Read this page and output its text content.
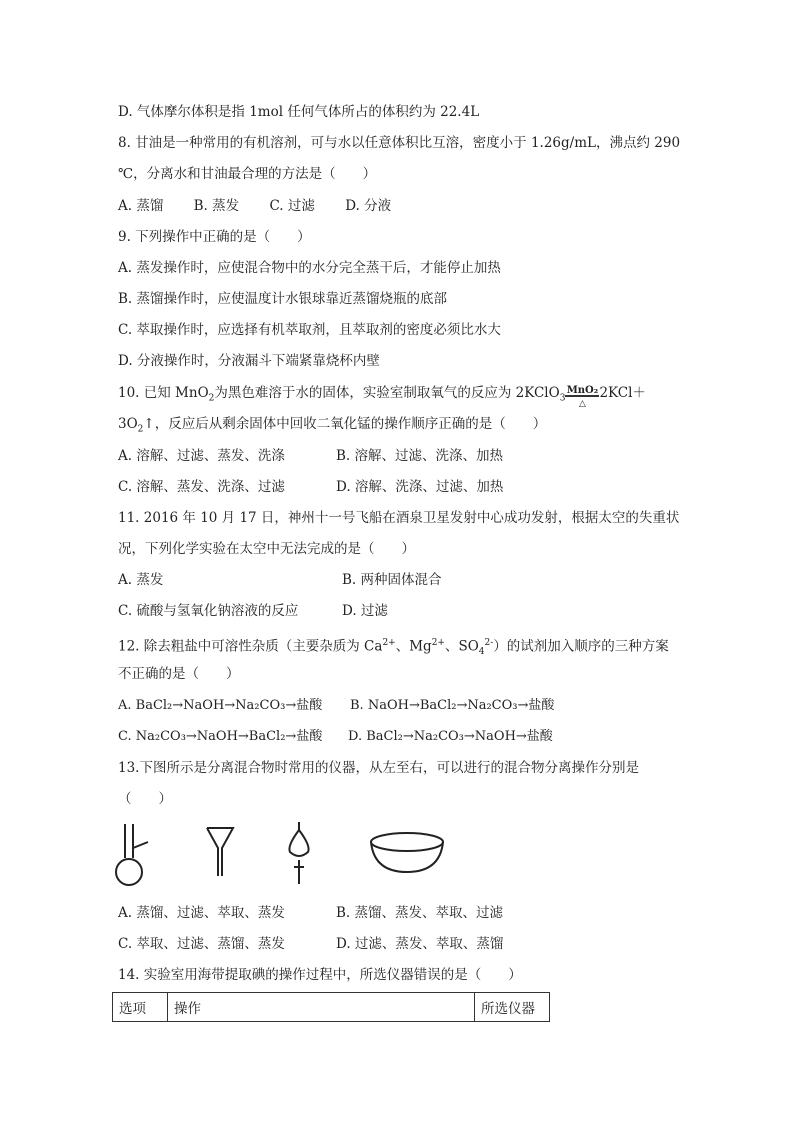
D. 气体摩尔体积是指 1mol 任何气体所占的体积约为 22.4L
8. 甘油是一种常用的有机溶剂，可与水以任意体积比互溶，密度小于 1.26g/mL，沸点约 290
℃，分离水和甘油最合理的方法是（　　）
A. 蒸馏 B. 蒸发 C. 过滤 D. 分液
9. 下列操作中正确的是（　　）
A. 蒸发操作时，应使混合物中的水分完全蒸干后，才能停止加热
B. 蒸馏操作时，应使温度计水银球靠近蒸馏烧瓶的底部
C. 萃取操作时，应选择有机萃取剂，且萃取剂的密度必须比水大
D. 分液操作时，分液漏斗下端紧靠烧杯内壁
10. 已知 MnO$_2$为黑色难溶于水的固体，实验室制取氧气的反应为 2KClO$_3$
MnO₂
△
2KCl＋
$3O_2↑$，反应后从剩余固体中回收二氧化锰的操作顺序正确的是（　　）
A. 溶解、过滤、蒸发、洗涤	B. 溶解、过滤、洗涤、加热
C. 溶解、蒸发、洗涤、过滤	D. 溶解、洗涤、过滤、加热
11. 2016 年 10 月 17 日，神州十一号飞船在酒泉卫星发射中心成功发射，根据太空的失重状
况，下列化学实验在太空中无法完成的是（　　）
A. 蒸发	B. 两种固体混合
C. 硫酸与氢氧化钠溶液的反应	D. 过滤
12. 除去粗盐中可溶性杂质（主要杂质为 $Ca^{2+}$、$Mg^{2+}$、$SO_4^{2-}$）的试剂加入顺序的三种方案
不正确的是（　　）
A. BaCl₂→NaOH→Na₂CO₃→盐酸 B. NaOH→BaCl₂→Na₂CO₃→盐酸
C. Na₂CO₃→NaOH→BaCl₂→盐酸 D. BaCl₂→Na₂CO₃→NaOH→盐酸
13.下图所示是分离混合物时常用的仪器，从左至右，可以进行的混合物分离操作分别是
（　　）
A. 蒸馏、过滤、萃取、蒸发	B. 蒸馏、蒸发、萃取、过滤
C. 萃取、过滤、蒸馏、蒸发	D. 过滤、蒸发、萃取、蒸馏
14. 实验室用海带提取碘的操作过程中，所选仪器错误的是（　　）
选项	操作	所选仪器
